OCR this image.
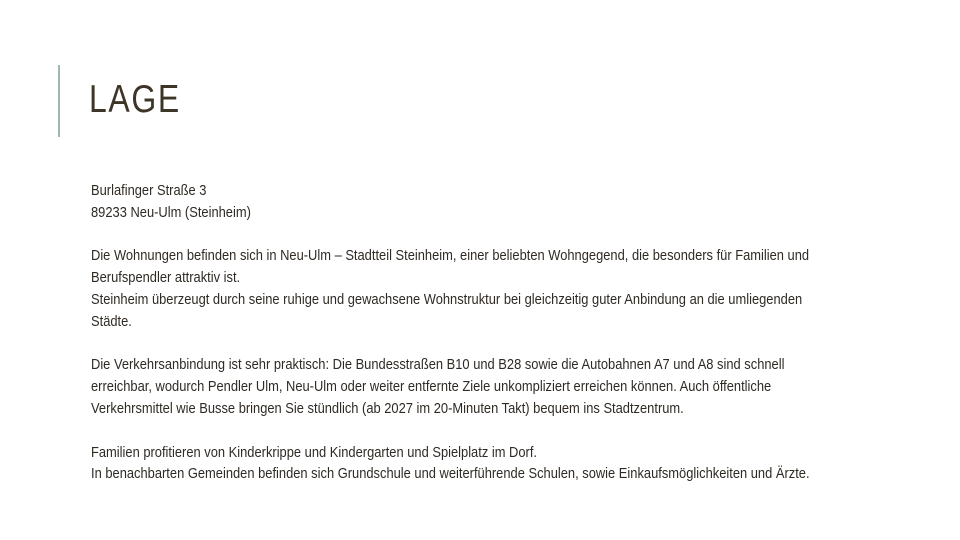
LAGE

Burlafinger Straße 3
89233 Neu-Ulm (Steinheim)

Die Wohnungen befinden sich in Neu-Ulm – Stadtteil Steinheim, einer beliebten Wohngegend, die besonders für Familien und
Berufspendler attraktiv ist.
Steinheim überzeugt durch seine ruhige und gewachsene Wohnstruktur bei gleichzeitig guter Anbindung an die umliegenden
Städte.

Die Verkehrsanbindung ist sehr praktisch: Die Bundesstraßen B10 und B28 sowie die Autobahnen A7 und A8 sind schnell
erreichbar, wodurch Pendler Ulm, Neu-Ulm oder weiter entfernte Ziele unkompliziert erreichen können. Auch öffentliche
Verkehrsmittel wie Busse bringen Sie stündlich (ab 2027 im 20-Minuten Takt) bequem ins Stadtzentrum.

Familien profitieren von Kinderkrippe und Kindergarten und Spielplatz im Dorf.
In benachbarten Gemeinden befinden sich Grundschule und weiterführende Schulen, sowie Einkaufsmöglichkeiten und Ärzte.
